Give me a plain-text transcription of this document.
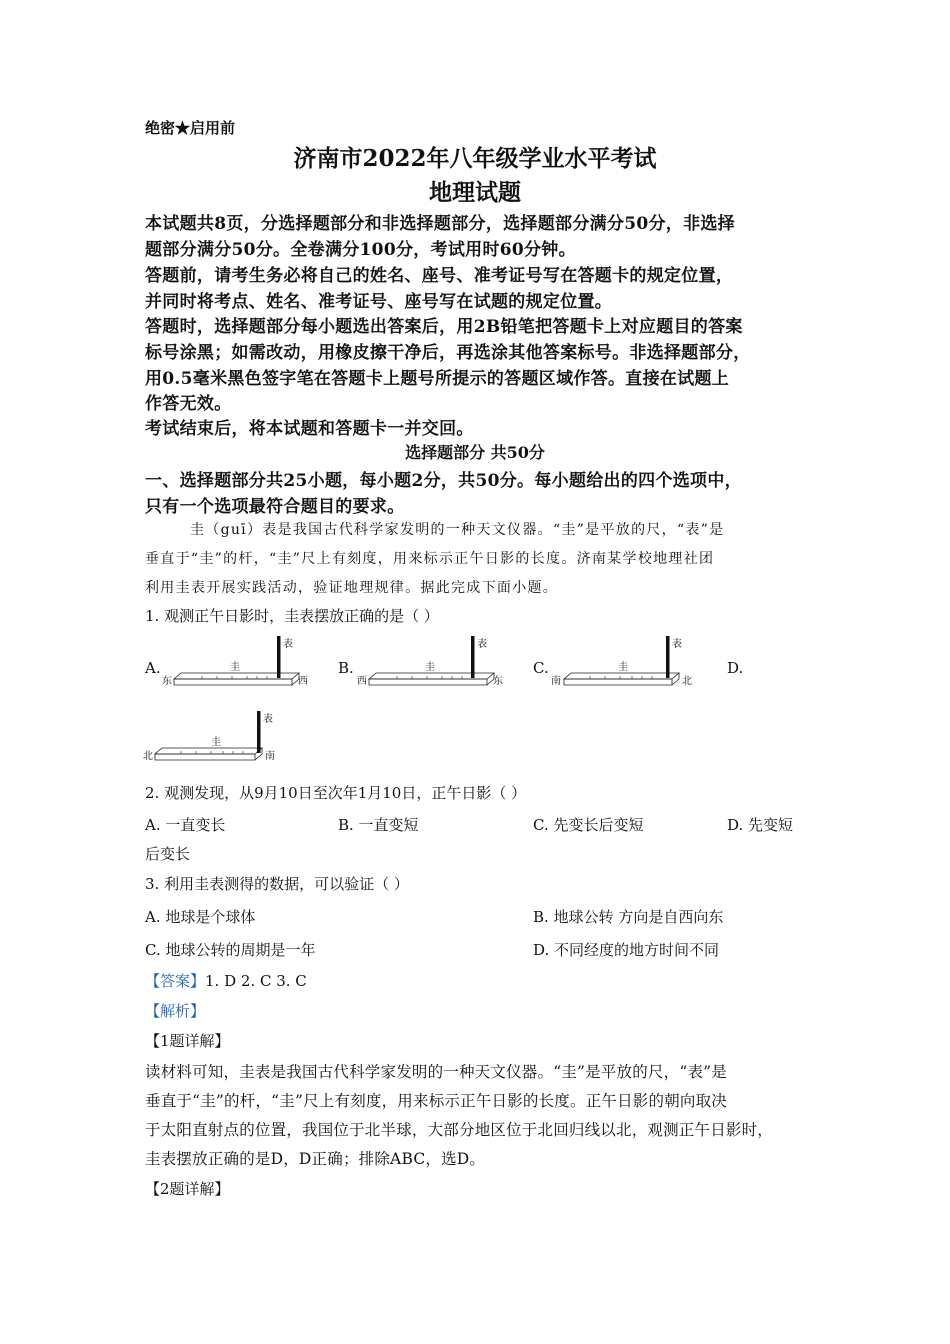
绝密★启用前
济南市2022年八年级学业水平考试
地理试题
本试题共8页，分选择题部分和非选择题部分，选择题部分满分50分，非选择
题部分满分50分。全卷满分100分，考试用时60分钟。
答题前，请考生务必将自己的姓名、座号、准考证号写在答题卡的规定位置，
并同时将考点、姓名、准考证号、座号写在试题的规定位置。
答题时，选择题部分每小题选出答案后，用2B铅笔把答题卡上对应题目的答案
标号涂黑；如需改动，用橡皮擦干净后，再选涂其他答案标号。非选择题部分，
用0.5毫米黑色签字笔在答题卡上题号所提示的答题区域作答。直接在试题上
作答无效。
考试结束后，将本试题和答题卡一并交回。
选择题部分 共50分
一、选择题部分共25小题，每小题2分，共50分。每小题给出的四个选项中，
只有一个选项最符合题目的要求。
圭（guī）表是我国古代科学家发明的一种天文仪器。“圭”是平放的尺，“表”是
垂直于“圭”的杆，“圭”尺上有刻度，用来标示正午日影的长度。济南某学校地理社团
利用圭表开展实践活动，验证地理规律。据此完成下面小题。
1. 观测正午日影时，圭表摆放正确的是（ ）
A.
表
圭
东	西
B.
表
圭
西	东
C.
表
圭
南	北
D.
表
圭
北	南
2. 观测发现，从9月10日至次年1月10日，正午日影（ ）
A. 一直变长	B. 一直变短	C. 先变长后变短	D. 先变短
后变长
3. 利用圭表测得的数据，可以验证（ ）
A. 地球是个球体	B. 地球公转 方向是自西向东
C. 地球公转的周期是一年	D. 不同经度的地方时间不同
【答案】1. D 2. C 3. C
【解析】
【1题详解】
读材料可知，圭表是我国古代科学家发明的一种天文仪器。“圭”是平放的尺，“表”是
垂直于“圭”的杆，“圭”尺上有刻度，用来标示正午日影的长度。正午日影的朝向取决
于太阳直射点的位置，我国位于北半球，大部分地区位于北回归线以北，观测正午日影时，
圭表摆放正确的是D，D正确；排除ABC，选D。
【2题详解】
